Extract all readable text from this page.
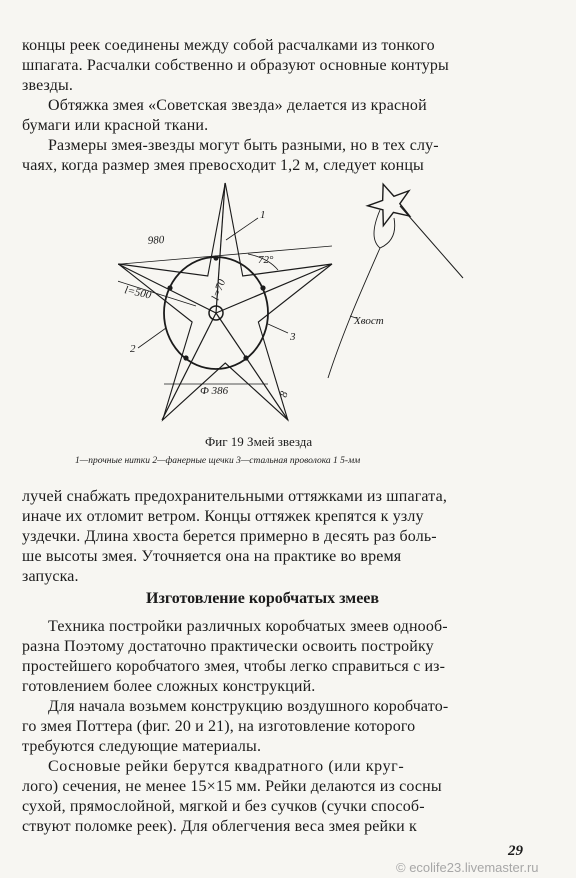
концы реек соединены между собой расчалками из тонкого
шпагата. Расчалки собственно и образуют основные контуры
звезды.
Обтяжка змея «Советская звезда» делается из красной
бумаги или красной ткани.
Размеры змея-звезды могут быть разными, но в тех слу-
чаях, когда размер змея превосходит 1,2 м, следует концы
980
l=500	l=70
72°
Ф 386	8
1
2
3
Хвост
Фиг 19 Змей звезда
1—прочные нитки 2—фанерные щечки 3—стальная проволока 1 5-мм
лучей снабжать предохранительными оттяжками из шпагата,
иначе их отломит ветром. Концы оттяжек крепятся к узлу
уздечки. Длина хвоста берется примерно в десять раз боль-
ше высоты змея. Уточняется она на практике во время
запуска.
Изготовление коробчатых змеев
Техника постройки различных коробчатых змеев однооб-
разна Поэтому достаточно практически освоить постройку
простейшего коробчатого змея, чтобы легко справиться с из-
готовлением более сложных конструкций.
Для начала возьмем конструкцию воздушного коробчато-
го змея Поттера (фиг. 20 и 21), на изготовление которого
требуются следующие материалы.
Сосновые рейки берутся квадратного (или круг-
лого) сечения, не менее 15×15 мм. Рейки делаются из сосны
сухой, прямослойной, мягкой и без сучков (сучки способ-
ствуют поломке реек). Для облегчения веса змея рейки к
29
© ecolife23.livemaster.ru
